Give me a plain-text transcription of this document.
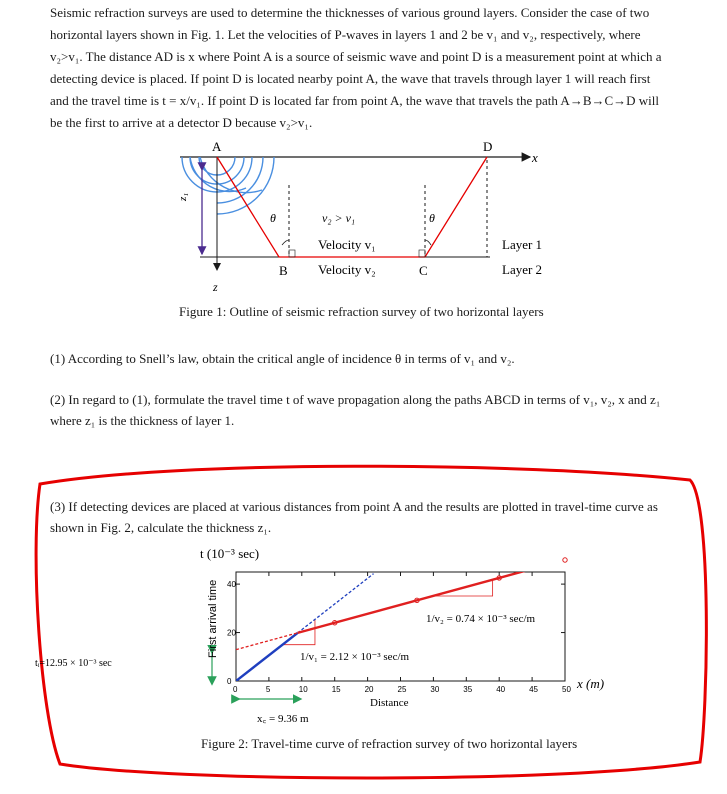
Seismic refraction surveys are used to determine the thicknesses of various ground layers. Consider the case of two

horizontal layers shown in Fig. 1. Let the velocities of P-waves in layers 1 and 2 be v₁ and v₂, respectively, where

v₂>v₁. The distance AD is x where Point A is a source of seismic wave and point D is a measurement point at which a

detecting device is placed. If point D is located nearby point A, the wave that travels through layer 1 will reach first

and the travel time is t = x/v₁. If point D is located far from point A, the wave that travels the path A→B→C→D will

be the first to arrive at a detector D because v₂>v₁.

A	D
x
B	C
z
z₁
θ	θ
v₂ > v₁
Velocity v₁
Velocity v₂
Layer 1
Layer 2
Figure 1: Outline of seismic refraction survey of two horizontal layers
(1) According to Snell’s law, obtain the critical angle of incidence θ in terms of v₁ and v₂.
(2) In regard to (1), formulate the travel time t of wave propagation along the paths ABCD in terms of v₁, v₂, x and z₁
where z₁ is the thickness of layer 1.
(3) If detecting devices are placed at various distances from point A and the results are plotted in travel-time curve as
shown in Fig. 2, calculate the thickness z₁.
0	5	10	15	20	25	30	35	40	45	50
0
20
40
t (10⁻³ sec)
Distance
x (m)
First arrival time	1/v₁ = 2.12 × 10⁻³ sec/m
1/v₂ = 0.74 × 10⁻³ sec/m
tᵢ=12.95 × 10⁻³ sec
x꜀ = 9.36 m
Figure 2: Travel-time curve of refraction survey of two horizontal layers
